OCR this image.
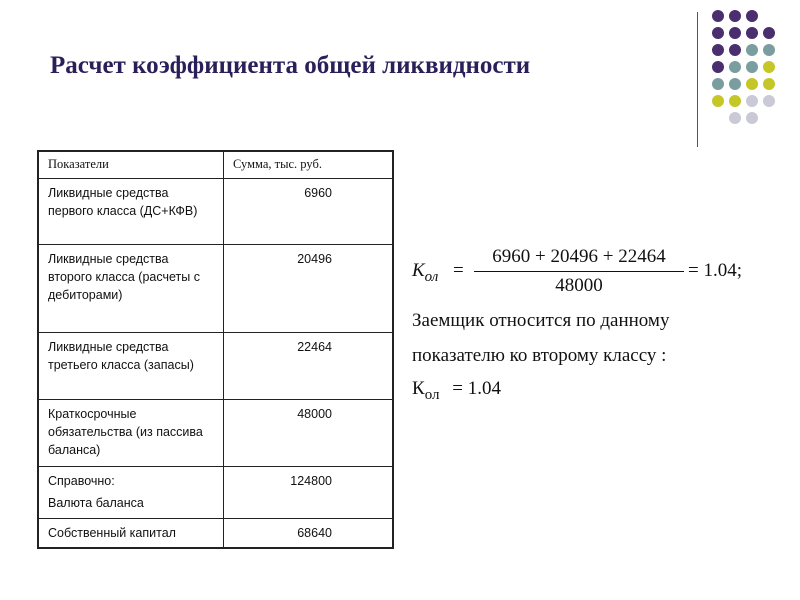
Расчет коэффициента общей ликвидности
Показатели	Сумма, тыс. руб.
Ликвидные средства первого класса (ДС+КФВ)	6960
Ликвидные средства второго класса (расчеты с дебиторами)	20496
Ликвидные средства третьего класса (запасы)	22464
Краткосрочные обязательства (из пассива баланса)	48000

Справочно:
Валюта баланса	124800
Собственный капитал	68640
$К_{ол}$ =
6960 + 20496 + 22464
48000
= 1.04;
Заемщик относится по данному
показателю ко второму классу :
$К_{ол} = 1.04$
